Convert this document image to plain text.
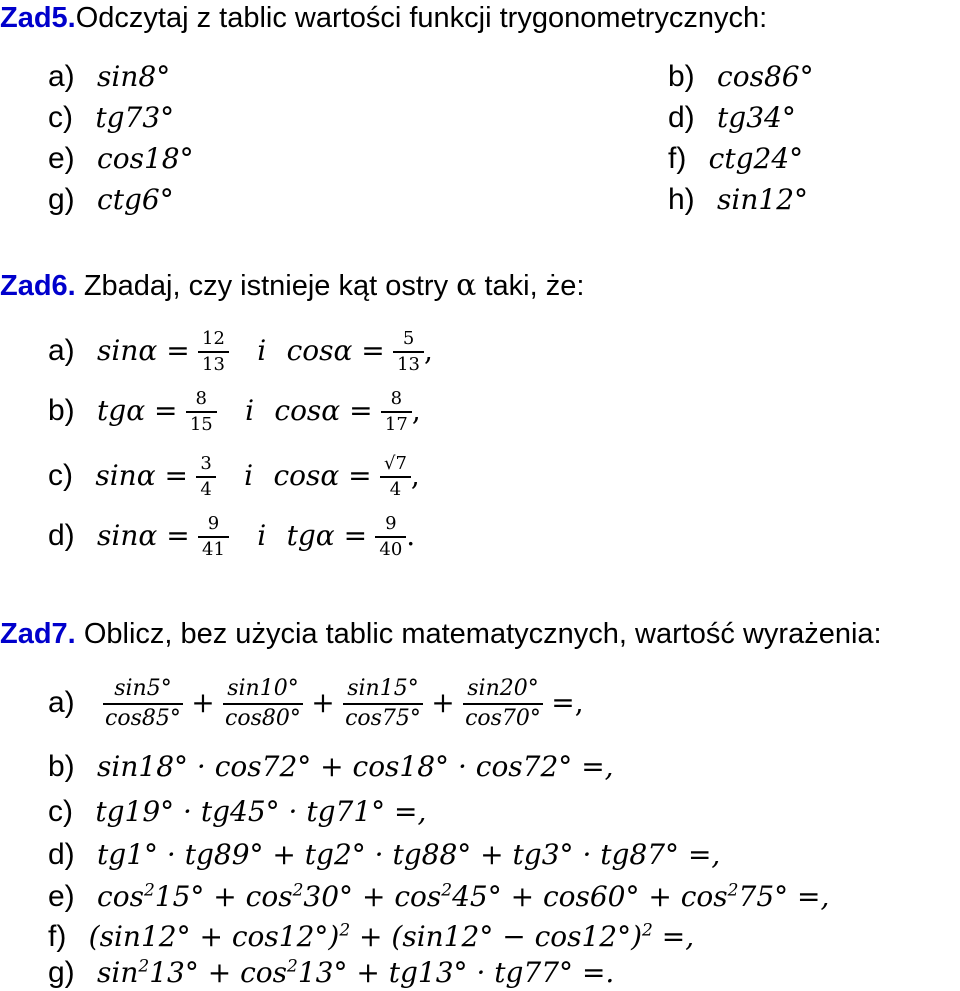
Zad5.Odczytaj z tablic wartości funkcji trygonometrycznych:
a) sin8°	b) cos86°
c) tg73°	d) tg34°
e) cos18°	f) ctg24°
g) ctg6°	h) sin12°
Zad6. Zbadaj, czy istnieje kąt ostry α taki, że:
a) $\sin\alpha = \frac{12}{13}$ i $\cos\alpha = \frac{5}{13}$ ,
b) $tg\alpha = \frac{8}{15}$ i $\cos\alpha = \frac{8}{17}$ ,
c) $\sin\alpha = \frac{3}{4}$ i $\cos\alpha = \frac{√7}{4}$ ,
d) $\sin\alpha = \frac{9}{41}$ i $tg\alpha = \frac{9}{40}$ .
Zad7. Oblicz, bez użycia tablic matematycznych, wartość wyrażenia:
$a) \frac{\sin 5^\circ}{\cos 85^\circ} + \frac{\sin 10^\circ}{\cos 80^\circ} + \frac{\sin 15^\circ}{\cos 75^\circ} + \frac{\sin 20^\circ}{\cos 70^\circ}$ =,
b) sin18° · cos72° + cos18° · cos72° =,
c) tg19° · tg45° · tg71° =,
d) tg1° · tg89° + tg2° · tg88° + tg3° · tg87° =,
e) $\cos^215^\circ + \cos^230^\circ + \cos^245^\circ + \cos 60^\circ + \cos^275^\circ$ =,
f) $(\sin 12^\circ + \cos 12^\circ)^2 + (\sin 12^\circ - \cos 12^\circ)^2$ =,
g) $\sin^213^\circ + \cos^213^\circ + tg13^\circ \cdot tg77^\circ$ =.
